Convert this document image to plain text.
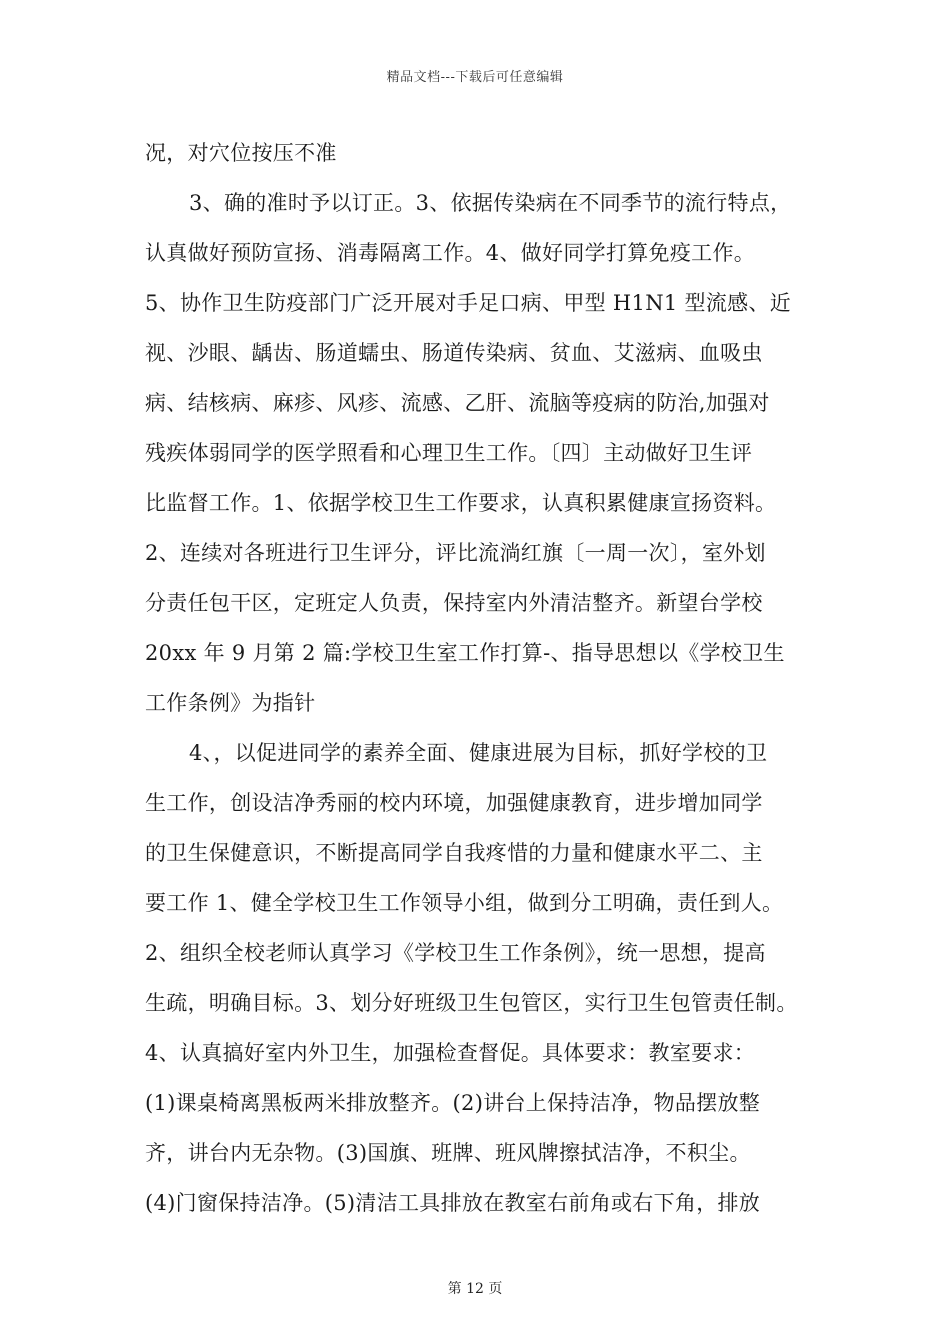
精品文档---下载后可任意编辑
况，对穴位按压不准
3、确的准时予以订正。3、依据传染病在不同季节的流行特点，
认真做好预防宣扬、消毒隔离工作。4、做好同学打算免疫工作。
5、协作卫生防疫部门广泛开展对手足口病、甲型 H1N1 型流感、近
视、沙眼、龋齿、肠道蠕虫、肠道传染病、贫血、艾滋病、血吸虫
病、结核病、麻疹、风疹、流感、乙肝、流脑等疫病的防治,加强对
残疾体弱同学的医学照看和心理卫生工作。〔四〕主动做好卫生评
比监督工作。1、依据学校卫生工作要求，认真积累健康宣扬资料。
2、连续对各班进行卫生评分，评比流淌红旗〔一周一次〕，室外划
分责任包干区，定班定人负责，保持室内外清洁整齐。新望台学校
20xx 年 9 月第 2 篇:学校卫生室工作打算-、指导思想以《学校卫生
工作条例》为指针
4、，以促进同学的素养全面、健康进展为目标，抓好学校的卫
生工作，创设洁净秀丽的校内环境，加强健康教育，进步增加同学
的卫生保健意识，不断提高同学自我疼惜的力量和健康水平二、主
要工作 1、健全学校卫生工作领导小组，做到分工明确，责任到人。
2、组织全校老师认真学习《学校卫生工作条例》，统一思想，提高
生疏，明确目标。3、划分好班级卫生包管区，实行卫生包管责任制。
4、认真搞好室内外卫生，加强检查督促。具体要求：教室要求：
(1)课桌椅离黑板两米排放整齐。(2)讲台上保持洁净，物品摆放整
齐，讲台内无杂物。(3)国旗、班牌、班风牌擦拭洁净，不积尘。
(4)门窗保持洁净。(5)清洁工具排放在教室右前角或右下角，排放
第 12 页
